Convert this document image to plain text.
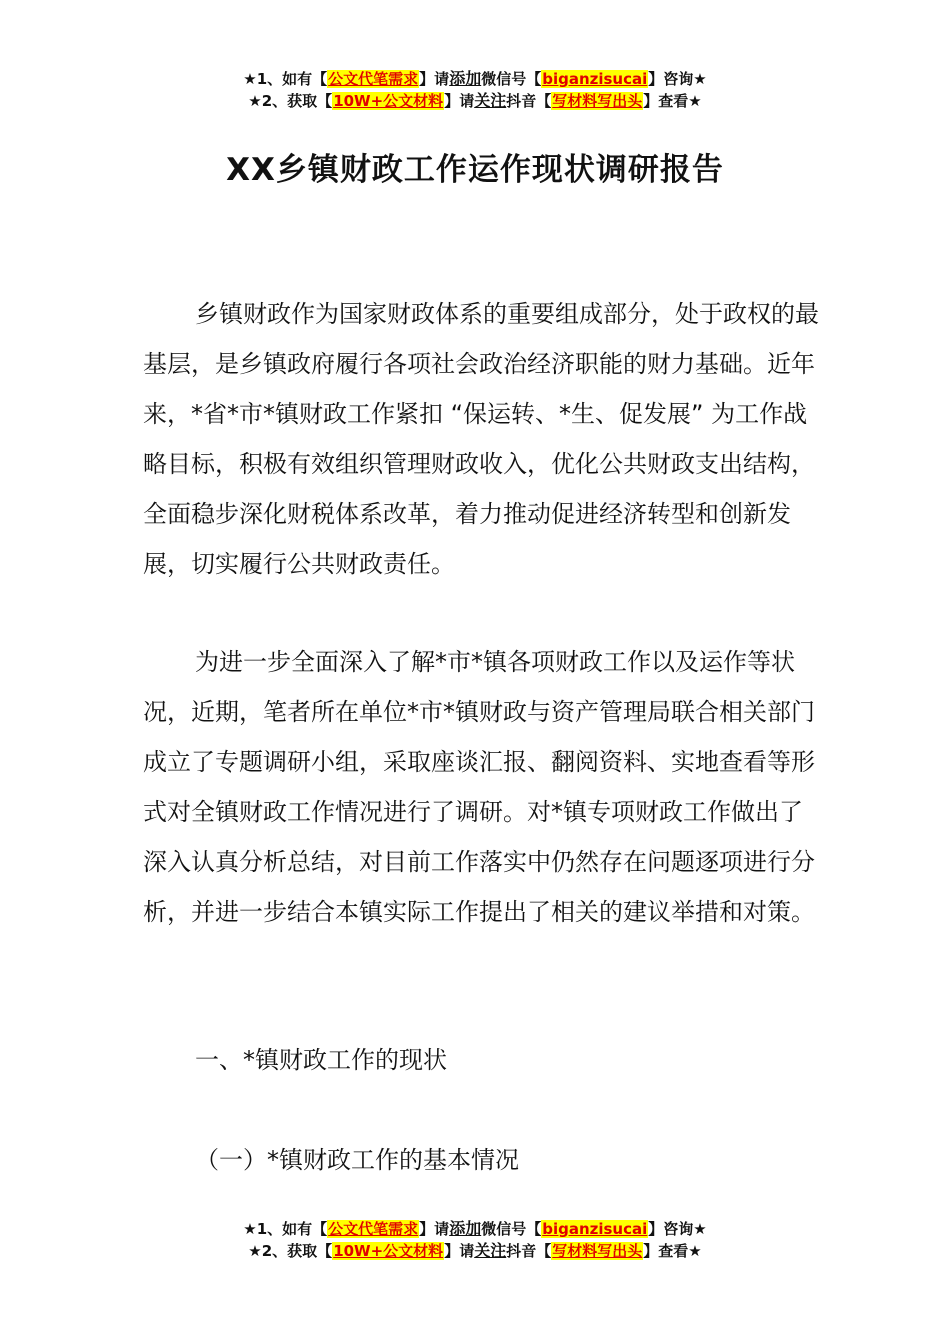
★1、如有【公文代笔需求】请添加微信号【biganzisucai】咨询★
★2、获取【10W+公文材料】请关注抖音【写材料写出头】查看★
XX乡镇财政工作运作现状调研报告

乡镇财政作为国家财政体系的重要组成部分，处于政权的最基层，是乡镇政府履行各项社会政治经济职能的财力基础。近年来，*省*市*镇财政工作紧扣 “保运转、*生、促发展” 为工作战略目标，积极有效组织管理财政收入，优化公共财政支出结构，全面稳步深化财税体系改革，着力推动促进经济转型和创新发展，切实履行公共财政责任。

为进一步全面深入了解*市*镇各项财政工作以及运作等状况，近期，笔者所在单位*市*镇财政与资产管理局联合相关部门成立了专题调研小组，采取座谈汇报、翻阅资料、实地查看等形式对全镇财政工作情况进行了调研。对*镇专项财政工作做出了深入认真分析总结，对目前工作落实中仍然存在问题逐项进行分析，并进一步结合本镇实际工作提出了相关的建议举措和对策。

一、*镇财政工作的现状

（一）*镇财政工作的基本情况

★1、如有【公文代笔需求】请添加微信号【biganzisucai】咨询★
★2、获取【10W+公文材料】请关注抖音【写材料写出头】查看★
